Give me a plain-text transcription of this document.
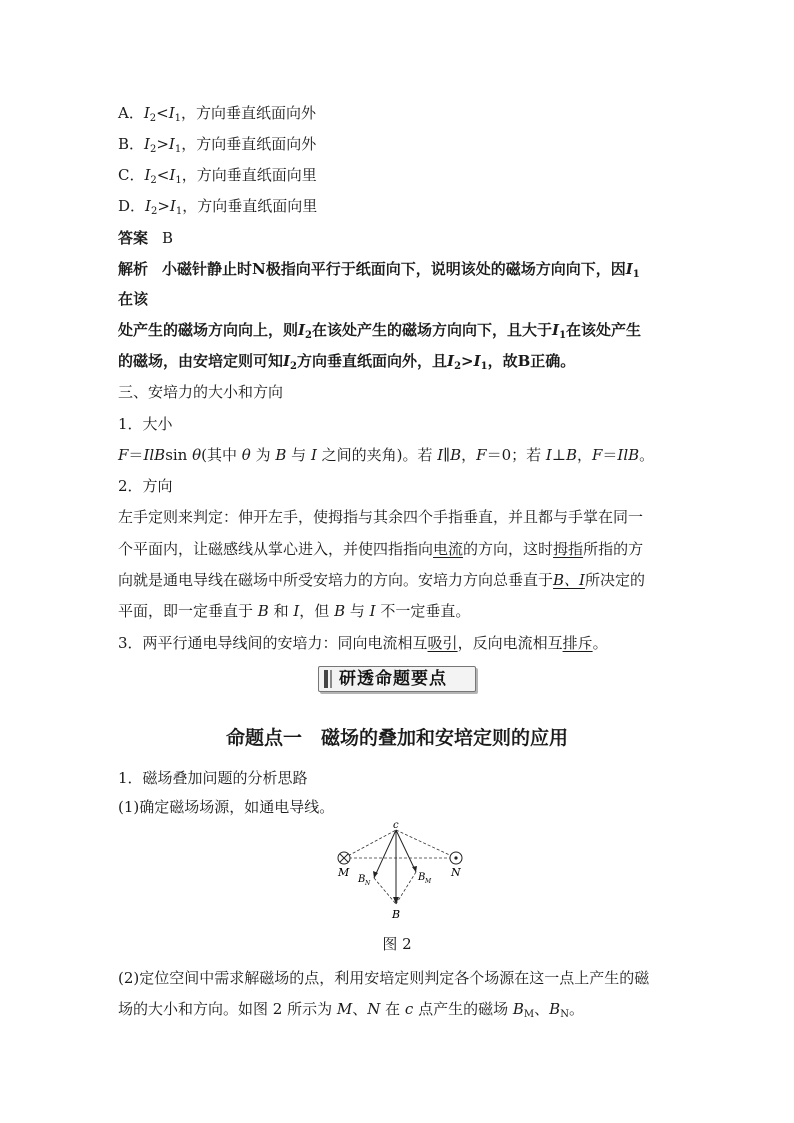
A．$I_2<I_1$，方向垂直纸面向外
B．$I_2>I_1$，方向垂直纸面向外
C．$I_2<I_1$，方向垂直纸面向里
D．$I_2>I_1$，方向垂直纸面向里
答案 B
解析 小磁针静止时N极指向平行于纸面向下，说明该处的磁场方向向下，因$I_1$
在该
处产生的磁场方向向上，则$I_2$在该处产生的磁场方向向下，且大于$I_1$在该处产生
的磁场，由安培定则可知$I_2$方向垂直纸面向外，且$I_2>I_1$，故B正确。
三、安培力的大小和方向
1．大小
F＝IlBsin θ(其中 θ 为 B 与 I 之间的夹角)。若 I∥B，F＝0；若 I⊥B，F＝IlB。
2．方向
左手定则来判定：伸开左手，使拇指与其余四个手指垂直，并且都与手掌在同一
个平面内，让磁感线从掌心进入，并使四指指向电流的方向，这时拇指所指的方
向就是通电导线在磁场中所受安培力的方向。安培力方向总垂直于B、I所决定的
平面，即一定垂直于 B 和 I，但 B 与 I 不一定垂直。
3．两平行通电导线间的安培力：同向电流相互吸引，反向电流相互排斥。
研透命题要点
命题点一　磁场的叠加和安培定则的应用
1．磁场叠加问题的分析思路
(1)确定磁场场源，如通电导线。
c
M	N
B
B N
B M
图 2
(2)定位空间中需求解磁场的点，利用安培定则判定各个场源在这一点上产生的磁
场的大小和方向。如图 2 所示为 M、N 在 c 点产生的磁场 $B_M$、$B_N$。
